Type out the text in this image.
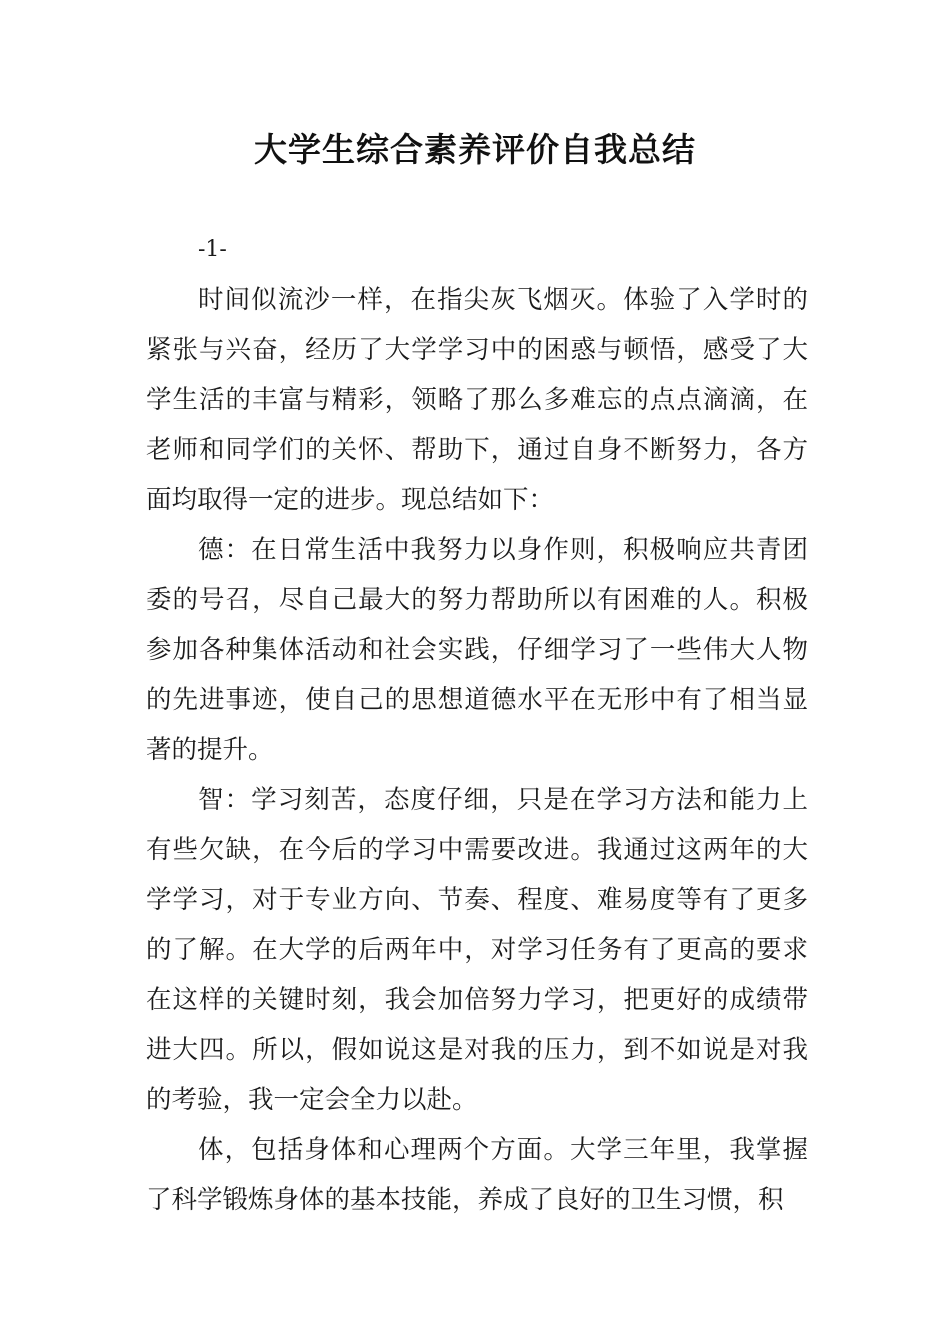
大学生综合素养评价自我总结

-1-

时间似流沙一样，在指尖灰飞烟灭。体验了入学时的紧张与兴奋，经历了大学学习中的困惑与顿悟，感受了大学生活的丰富与精彩，领略了那么多难忘的点点滴滴，在老师和同学们的关怀、帮助下，通过自身不断努力，各方面均取得一定的进步。现总结如下：

德：在日常生活中我努力以身作则，积极响应共青团委的号召，尽自己最大的努力帮助所以有困难的人。积极参加各种集体活动和社会实践，仔细学习了一些伟大人物的先进事迹，使自己的思想道德水平在无形中有了相当显著的提升。

智：学习刻苦，态度仔细，只是在学习方法和能力上有些欠缺，在今后的学习中需要改进。我通过这两年的大学学习，对于专业方向、节奏、程度、难易度等有了更多的了解。在大学的后两年中，对学习任务有了更高的要求在这样的关键时刻，我会加倍努力学习，把更好的成绩带进大四。所以，假如说这是对我的压力，到不如说是对我的考验，我一定会全力以赴。

体，包括身体和心理两个方面。大学三年里，我掌握了科学锻炼身体的基本技能，养成了良好的卫生习惯，积
